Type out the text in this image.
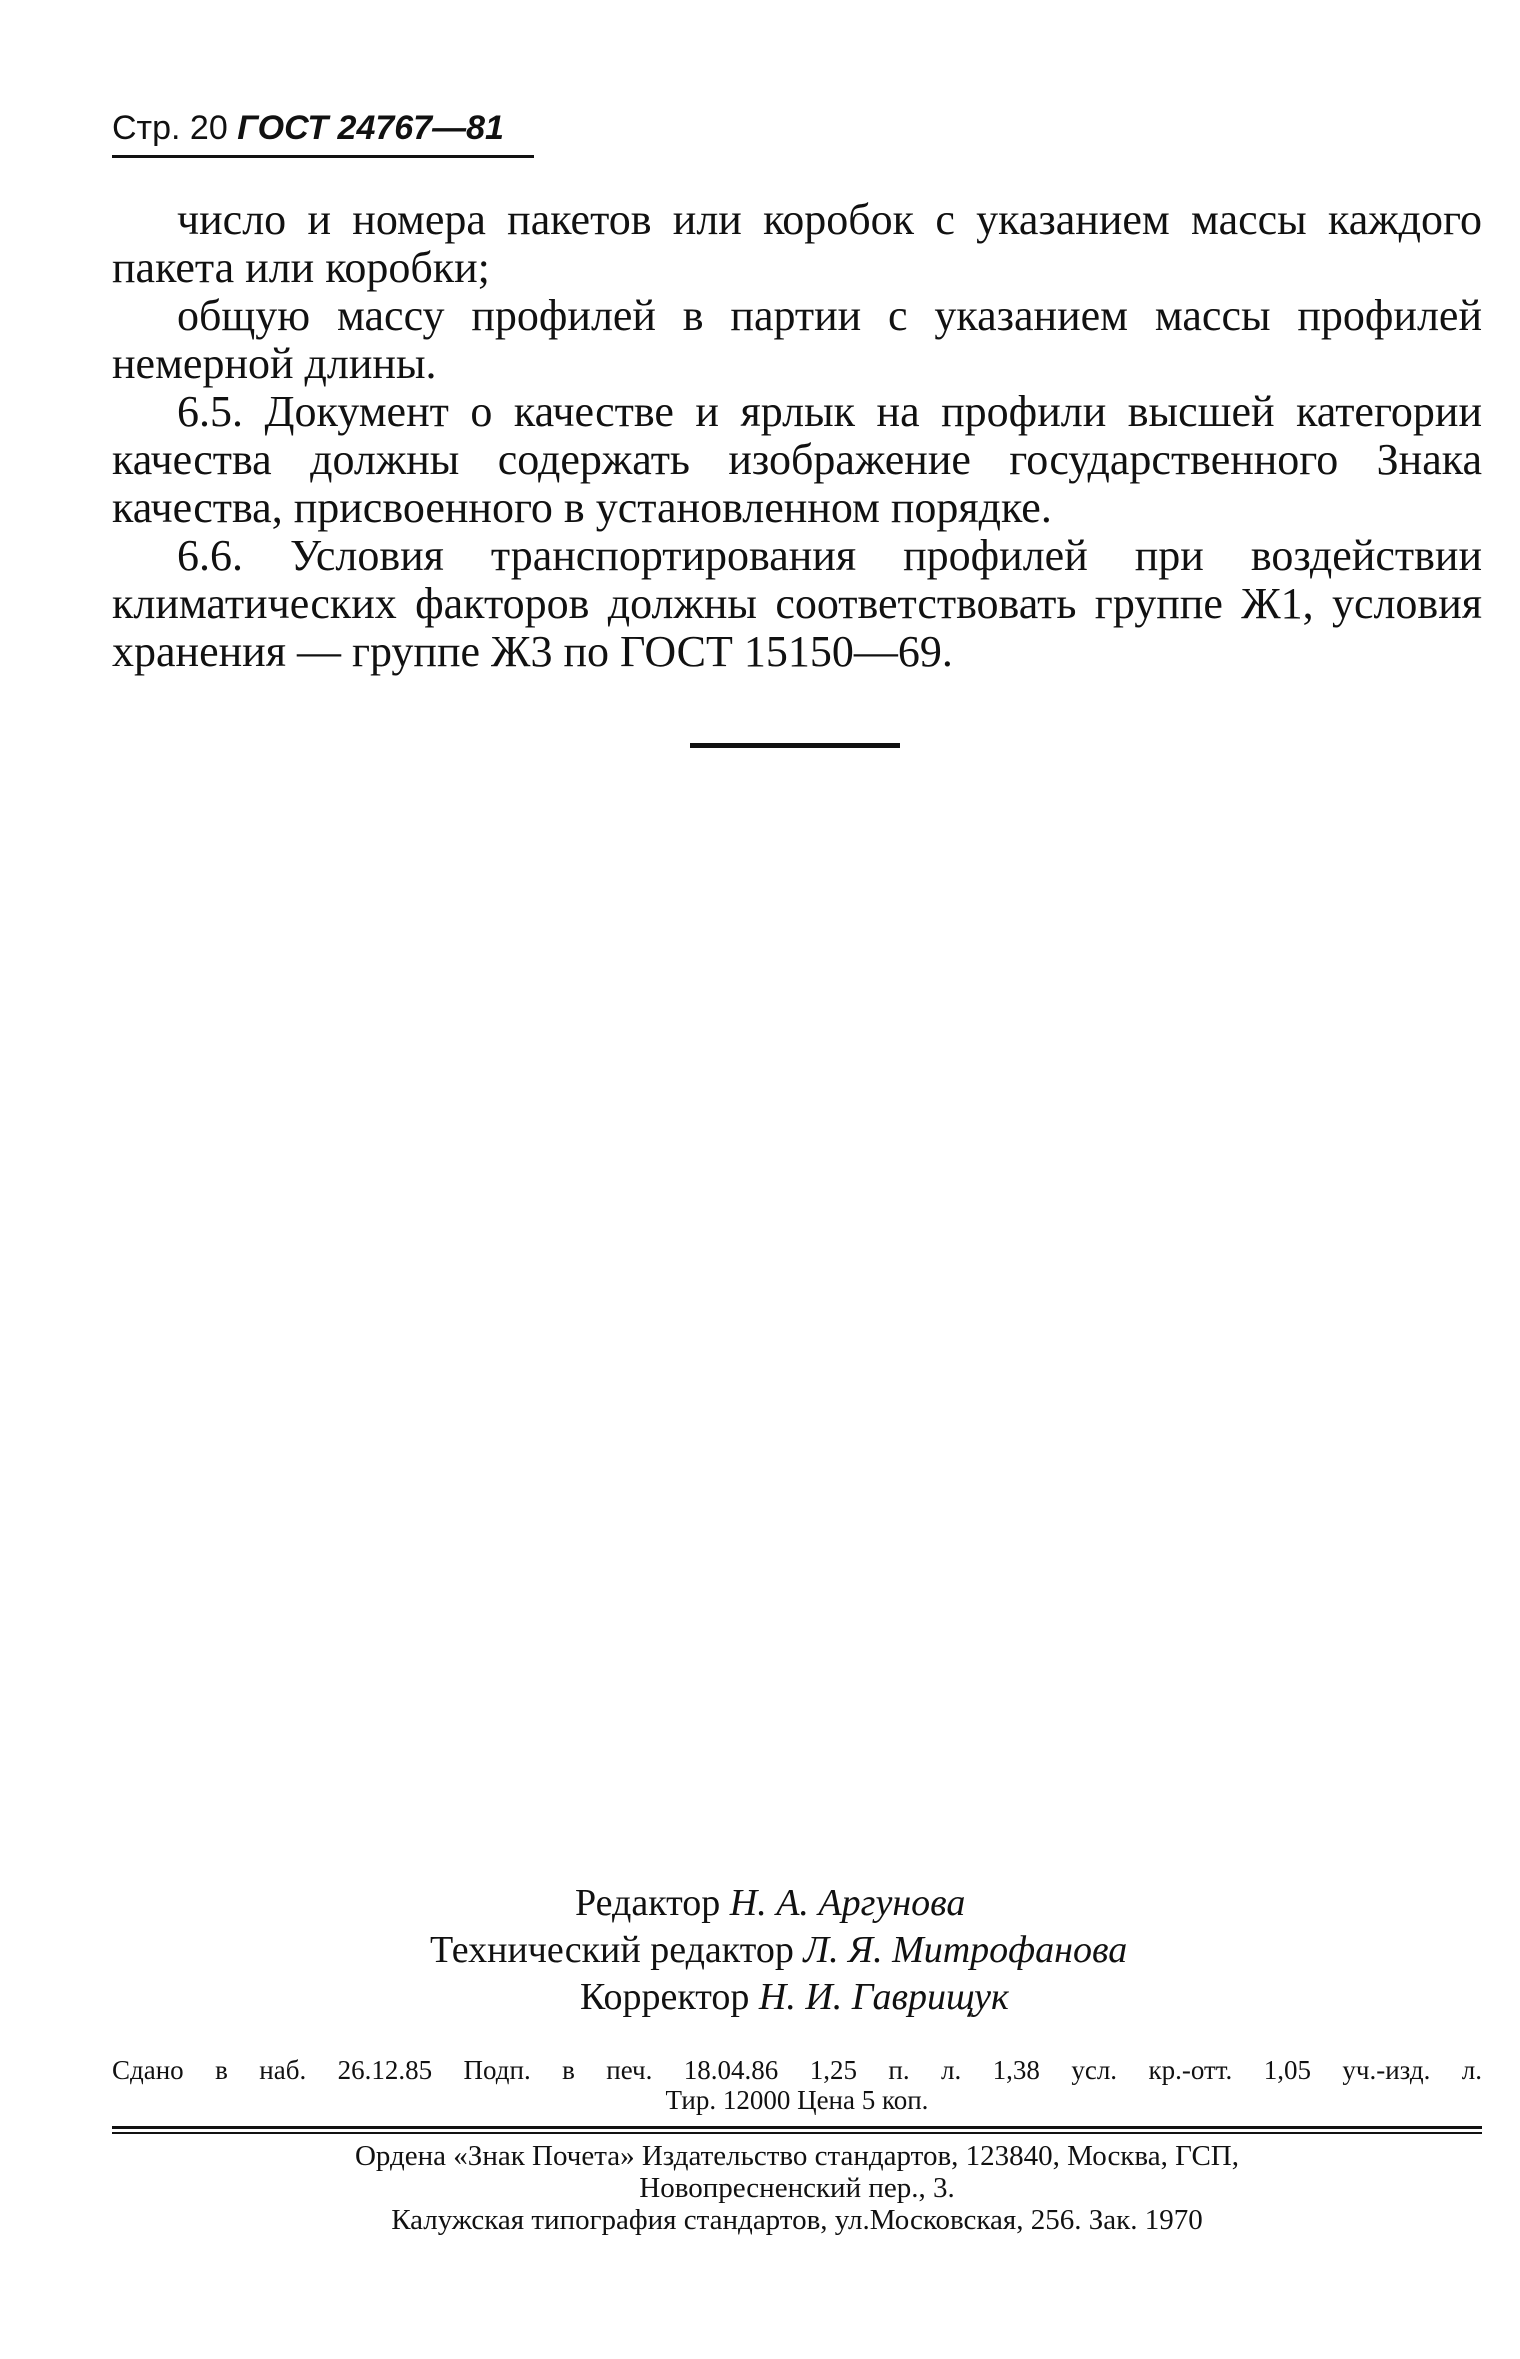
Стр. 20 ГОСТ 24767—81

число и номера пакетов или коробок с указанием массы каждого пакета или коробки;

общую массу профилей в партии с указанием массы профилей немерной длины.

6.5. Документ о качестве и ярлык на профили высшей категории качества должны содержать изображение государственного Знака качества, присвоенного в установленном порядке.

6.6. Условия транспортирования профилей при воздействии климатических факторов должны соответствовать группе Ж1, условия хранения — группе Ж3 по ГОСТ 15150—69.

Редактор Н. А. Аргунова
Технический редактор Л. Я. Митрофанова
Корректор Н. И. Гаврищук
Сдано в наб. 26.12.85 Подп. в печ. 18.04.86 1,25 п. л. 1,38 усл. кр.-отт. 1,05 уч.-изд. л.
Тир. 12000 Цена 5 коп.
Ордена «Знак Почета» Издательство стандартов, 123840, Москва, ГСП,
Новопресненский пер., 3.
Калужская типография стандартов, ул.Московская, 256. Зак. 1970
